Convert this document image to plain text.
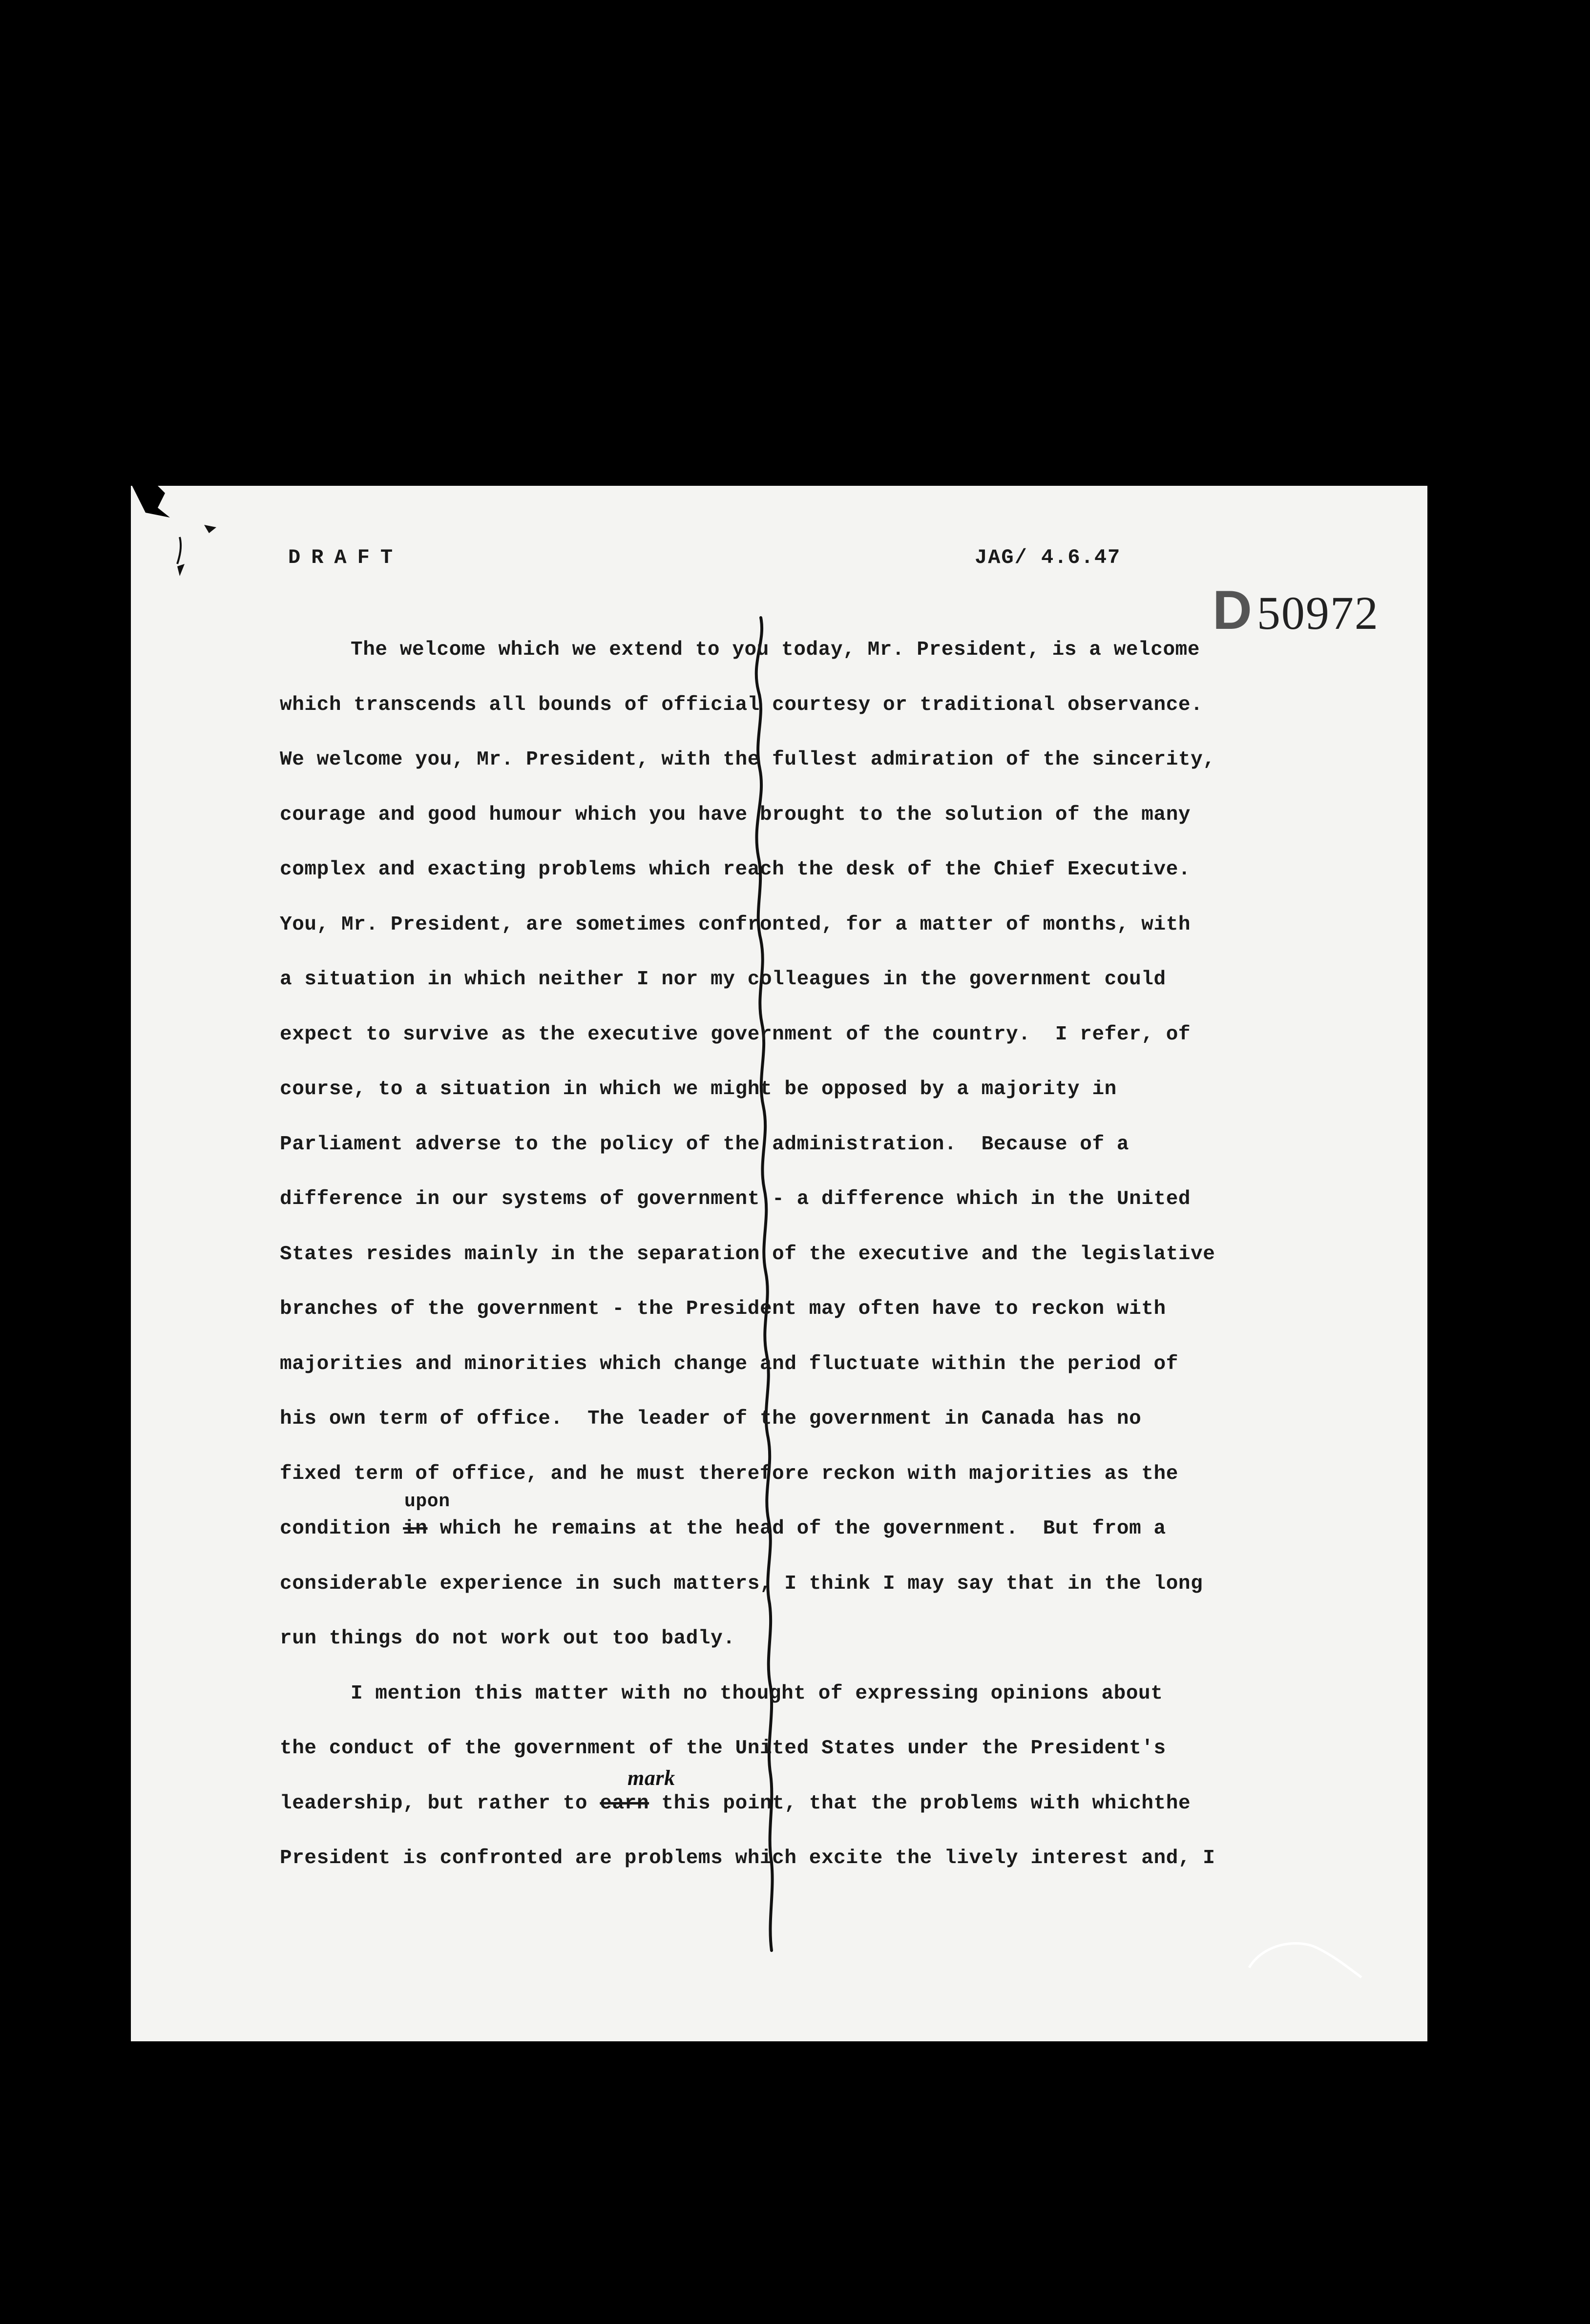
DRAFT	JAG/ 4.6.47
D50972
The welcome which we extend to you today, Mr. President, is a welcome
which transcends all bounds of official courtesy or traditional observance.
We welcome you, Mr. President, with the fullest admiration of the sincerity,
courage and good humour which you have brought to the solution of the many
complex and exacting problems which reach the desk of the Chief Executive.
You, Mr. President, are sometimes confronted, for a matter of months, with
a situation in which neither I nor my colleagues in the government could
expect to survive as the executive government of the country.  I refer, of
course, to a situation in which we might be opposed by a majority in
Parliament adverse to the policy of the administration.  Because of a
difference in our systems of government - a difference which in the United
States resides mainly in the separation of the executive and the legislative
branches of the government - the President may often have to reckon with
majorities and minorities which change and fluctuate within the period of
his own term of office.  The leader of the government in Canada has no
fixed term of office, and he must therefore reckon with majorities as the
upon
condition in which he remains at the head of the government.  But from a
considerable experience in such matters, I think I may say that in the long
run things do not work out too badly.
I mention this matter with no thought of expressing opinions about
the conduct of the government of the United States under the President's
mark
leadership, but rather to earn this point, that the problems with whichthe
President is confronted are problems which excite the lively interest and, I
